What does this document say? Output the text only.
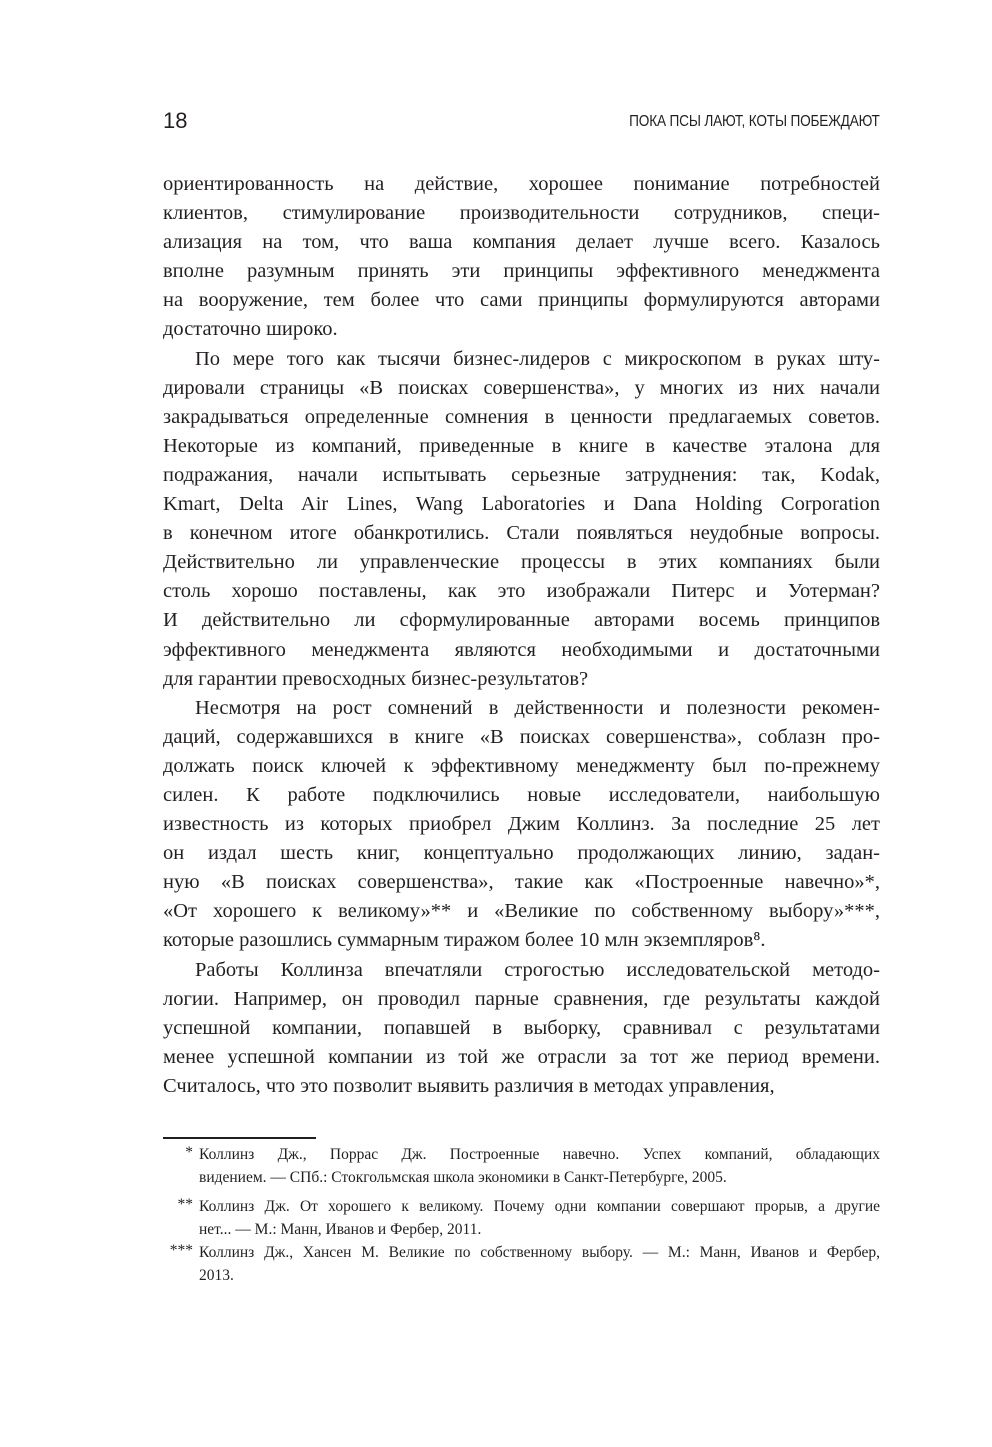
18	ПОКА ПСЫ ЛАЮТ, КОТЫ ПОБЕЖДАЮТ
ориентированность на действие, хорошее понимание потребностей
клиентов, стимулирование производительности сотрудников, специ-
ализация на том, что ваша компания делает лучше всего. Казалось
вполне разумным принять эти принципы эффективного менеджмента
на вооружение, тем более что сами принципы формулируются авторами
достаточно широко.
По мере того как тысячи бизнес-лидеров с микроскопом в руках шту-
дировали страницы «В поисках совершенства», у многих из них начали
закрадываться определенные сомнения в ценности предлагаемых советов.
Некоторые из компаний, приведенные в книге в качестве эталона для
подражания, начали испытывать серьезные затруднения: так, Kodak,
Kmart, Delta Air Lines, Wang Laboratories и Dana Holding Corporation
в конечном итоге обанкротились. Стали появляться неудобные вопросы.
Действительно ли управленческие процессы в этих компаниях были
столь хорошо поставлены, как это изображали Питерс и Уотерман?
И действительно ли сформулированные авторами восемь принципов
эффективного менеджмента являются необходимыми и достаточными
для гарантии превосходных бизнес-результатов?
Несмотря на рост сомнений в действенности и полезности рекомен-
даций, содержавшихся в книге «В поисках совершенства», соблазн про-
должать поиск ключей к эффективному менеджменту был по-прежнему
силен. К работе подключились новые исследователи, наибольшую
известность из которых приобрел Джим Коллинз. За последние 25 лет
он издал шесть книг, концептуально продолжающих линию, задан-
ную «В поисках совершенства», такие как «Построенные навечно»*,
«От хорошего к великому»** и «Великие по собственному выбору»***,
которые разошлись суммарным тиражом более 10 млн экземпляров⁸.
Работы Коллинза впечатляли строгостью исследовательской методо-
логии. Например, он проводил парные сравнения, где результаты каждой
успешной компании, попавшей в выборку, сравнивал с результатами
менее успешной компании из той же отрасли за тот же период времени.
Считалось, что это позволит выявить различия в методах управления,
* Коллинз Дж., Поррас Дж. Построенные навечно. Успех компаний, обладающих
видением. — СПб.: Стокгольмская школа экономики в Санкт-Петербурге, 2005.
** Коллинз Дж. От хорошего к великому. Почему одни компании совершают прорыв, а другие
нет... — М.: Манн, Иванов и Фербер, 2011.
*** Коллинз Дж., Хансен М. Великие по собственному выбору. — М.: Манн, Иванов и Фербер,
2013.
